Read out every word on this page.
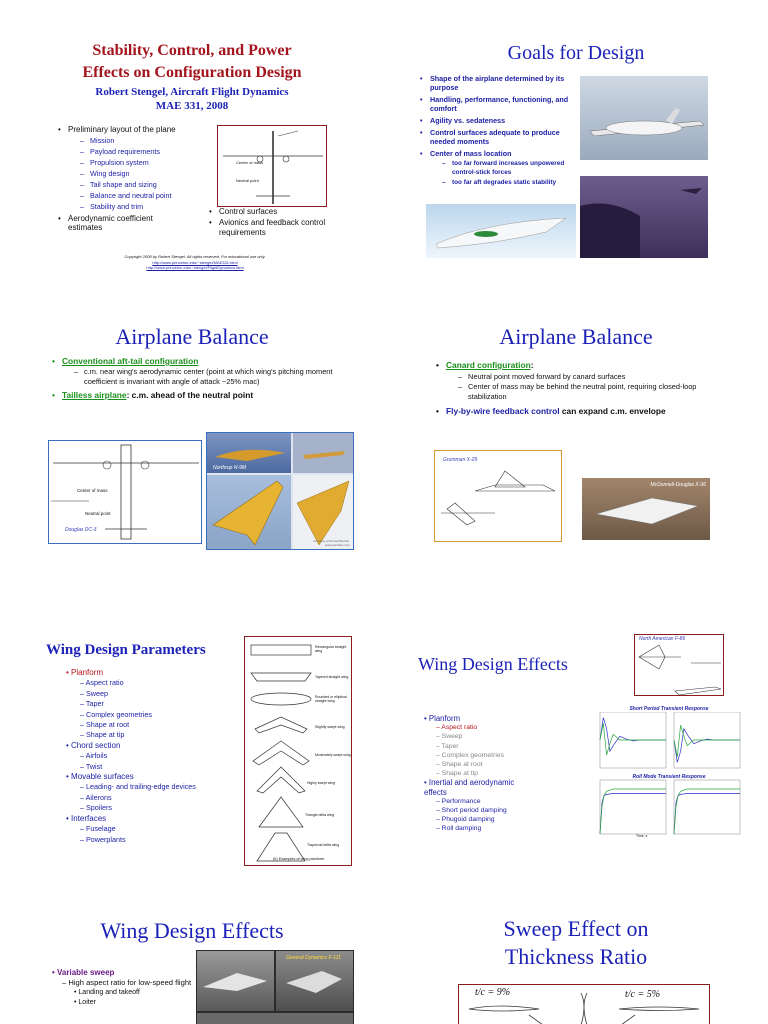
Stability, Control, and Power
Effects on Configuration Design
Robert Stengel, Aircraft Flight Dynamics
MAE 331, 2008
• Preliminary layout of the plane
– Mission
– Payload requirements
– Propulsion system
– Wing design
– Tail shape and sizing
– Balance and neutral point
– Stability and trim
• Aerodynamic coefficient estimates
Center of mass
Neutral point
• Control surfaces
• Avionics and feedback control requirements
Copyright 2008 by Robert Stengel. All rights reserved. For educational use only.
http://www.princeton.edu/~stengel/MAE331.html
http://www.princeton.edu/~stengel/FlightDynamics.html
Goals for Design
• Shape of the airplane determined by its purpose
• Handling, performance, functioning, and comfort
• Agility vs. sedateness
• Control surfaces adequate to produce needed moments
• Center of mass location
– too far forward increases unpowered control-stick forces
– too far aft degrades static stability
Airplane Balance
• Conventional aft-tail configuration
– c.m. near wing's aerodynamic center (point at which wing's pitching moment coefficient is invariant with angle of attack ~25% mac)
• Tailless airplane: c.m. ahead of the neutral point
Center of mass
Neutral point
Douglas DC-3
Northrop N-9M
Courtesy of Ahmad Brohan, www.aerofiles.com
Airplane Balance
• Canard configuration:
– Neutral point moved forward by canard surfaces
– Center of mass may be behind the neutral point, requiring closed-loop stabilization
• Fly-by-wire feedback control can expand c.m. envelope
Grumman X-29
McDonnell-Douglas X-36
Wing Design Parameters
• Planform
– Aspect ratio
– Sweep
– Taper
– Complex geometries
– Shape at root
– Shape at tip
• Chord section
– Airfoils
– Twist
• Movable surfaces
– Leading- and trailing-edge devices
– Ailerons
– Spoilers
• Interfaces
– Fuselage
– Powerplants
Rectangular straight wing
Tapered straight wing
Rounded or elliptical straight wing
Slightly swept wing
Moderately swept wing
Highly swept wing
Triangle delta wing
Trapezoid delta wing
(b) Examples of wing planform.
Wing Design Effects
North American F-86
• Planform
– Aspect ratio
– Sweep
– Taper
– Complex geometries
– Shape at root
– Shape at tip
• Inertial and aerodynamic effects
– Performance
– Short period damping
– Phugoid damping
– Roll damping
Short Period Transient Response
Roll Mode Transient Response
Time, s
Wing Design Effects
• Variable sweep
– High aspect ratio for low-speed flight
• Landing and takeoff
• Loiter
General Dynamics F-111
Sweep Effect on
Thickness Ratio
t/c = 9%	t/c = 5%
